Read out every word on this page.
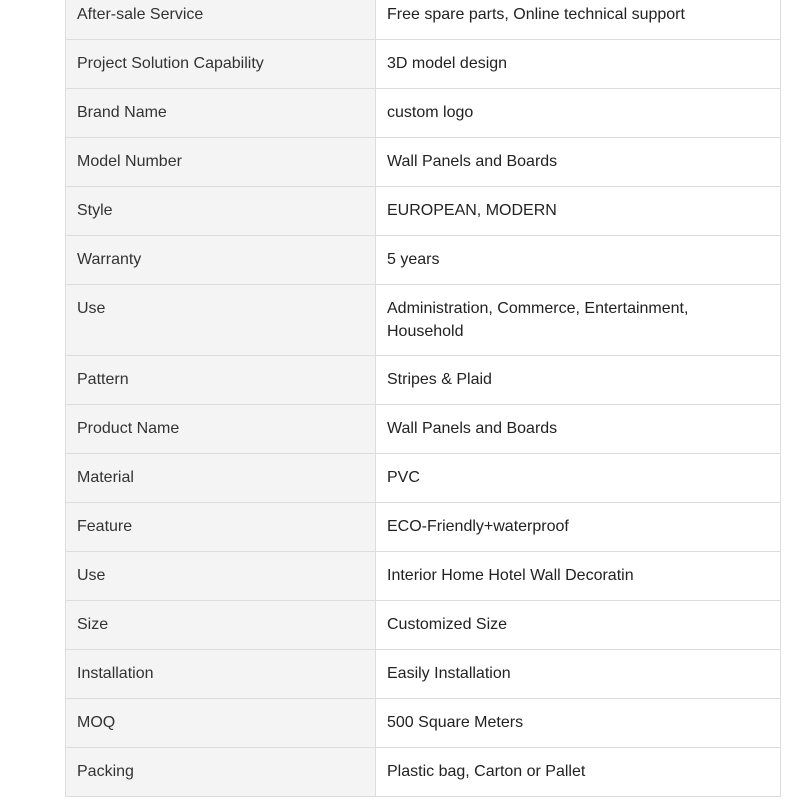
After-sale Service	Free spare parts, Online technical support
Project Solution Capability	3D model design
Brand Name	custom logo
Model Number	Wall Panels and Boards
Style	EUROPEAN, MODERN
Warranty	5 years
Use	Administration, Commerce, Entertainment, Household
Pattern	Stripes & Plaid
Product Name	Wall Panels and Boards
Material	PVC
Feature	ECO-Friendly+waterproof
Use	Interior Home Hotel Wall Decoratin
Size	Customized Size
Installation	Easily Installation
MOQ	500 Square Meters
Packing	Plastic bag, Carton or Pallet
